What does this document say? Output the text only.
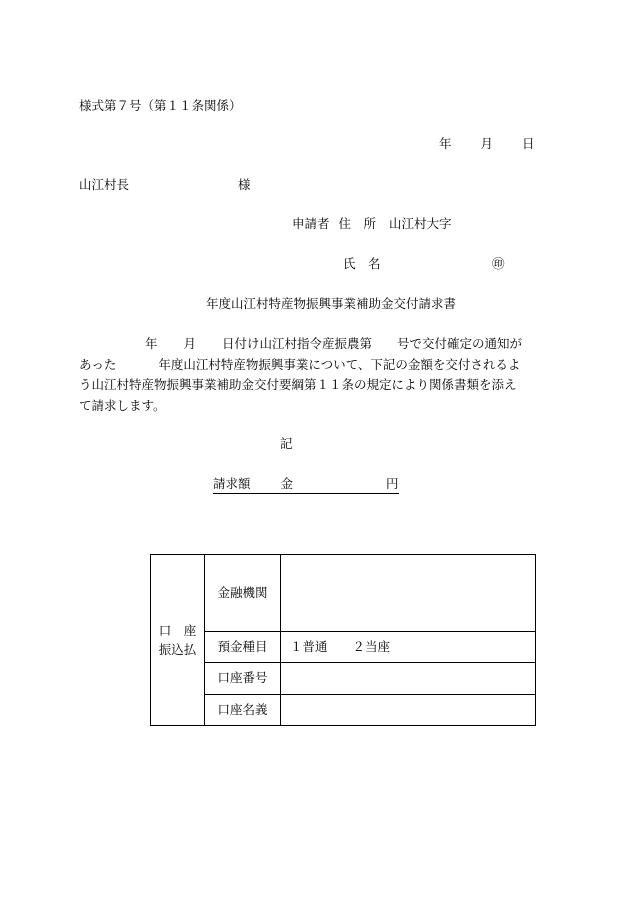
様式第７号（第１１条関係）
年 月 日
山江村長	様
申請者 住　所 山江村大字
氏　名	㊞
年度山江村特産物振興事業補助金交付請求書
年 月 日付け山江村指令産振農第 号で交付確定の通知が
あった	年度山江村特産物振興事業について、下記の金額を交付されるよ
う山江村特産物振興事業補助金交付要綱第１１条の規定により関係書類を添え
て請求します。
記
請求額 金	円
口　座
振込払	金融機関	
	預金種目	１普通　　２当座
	口座番号	
	口座名義	
